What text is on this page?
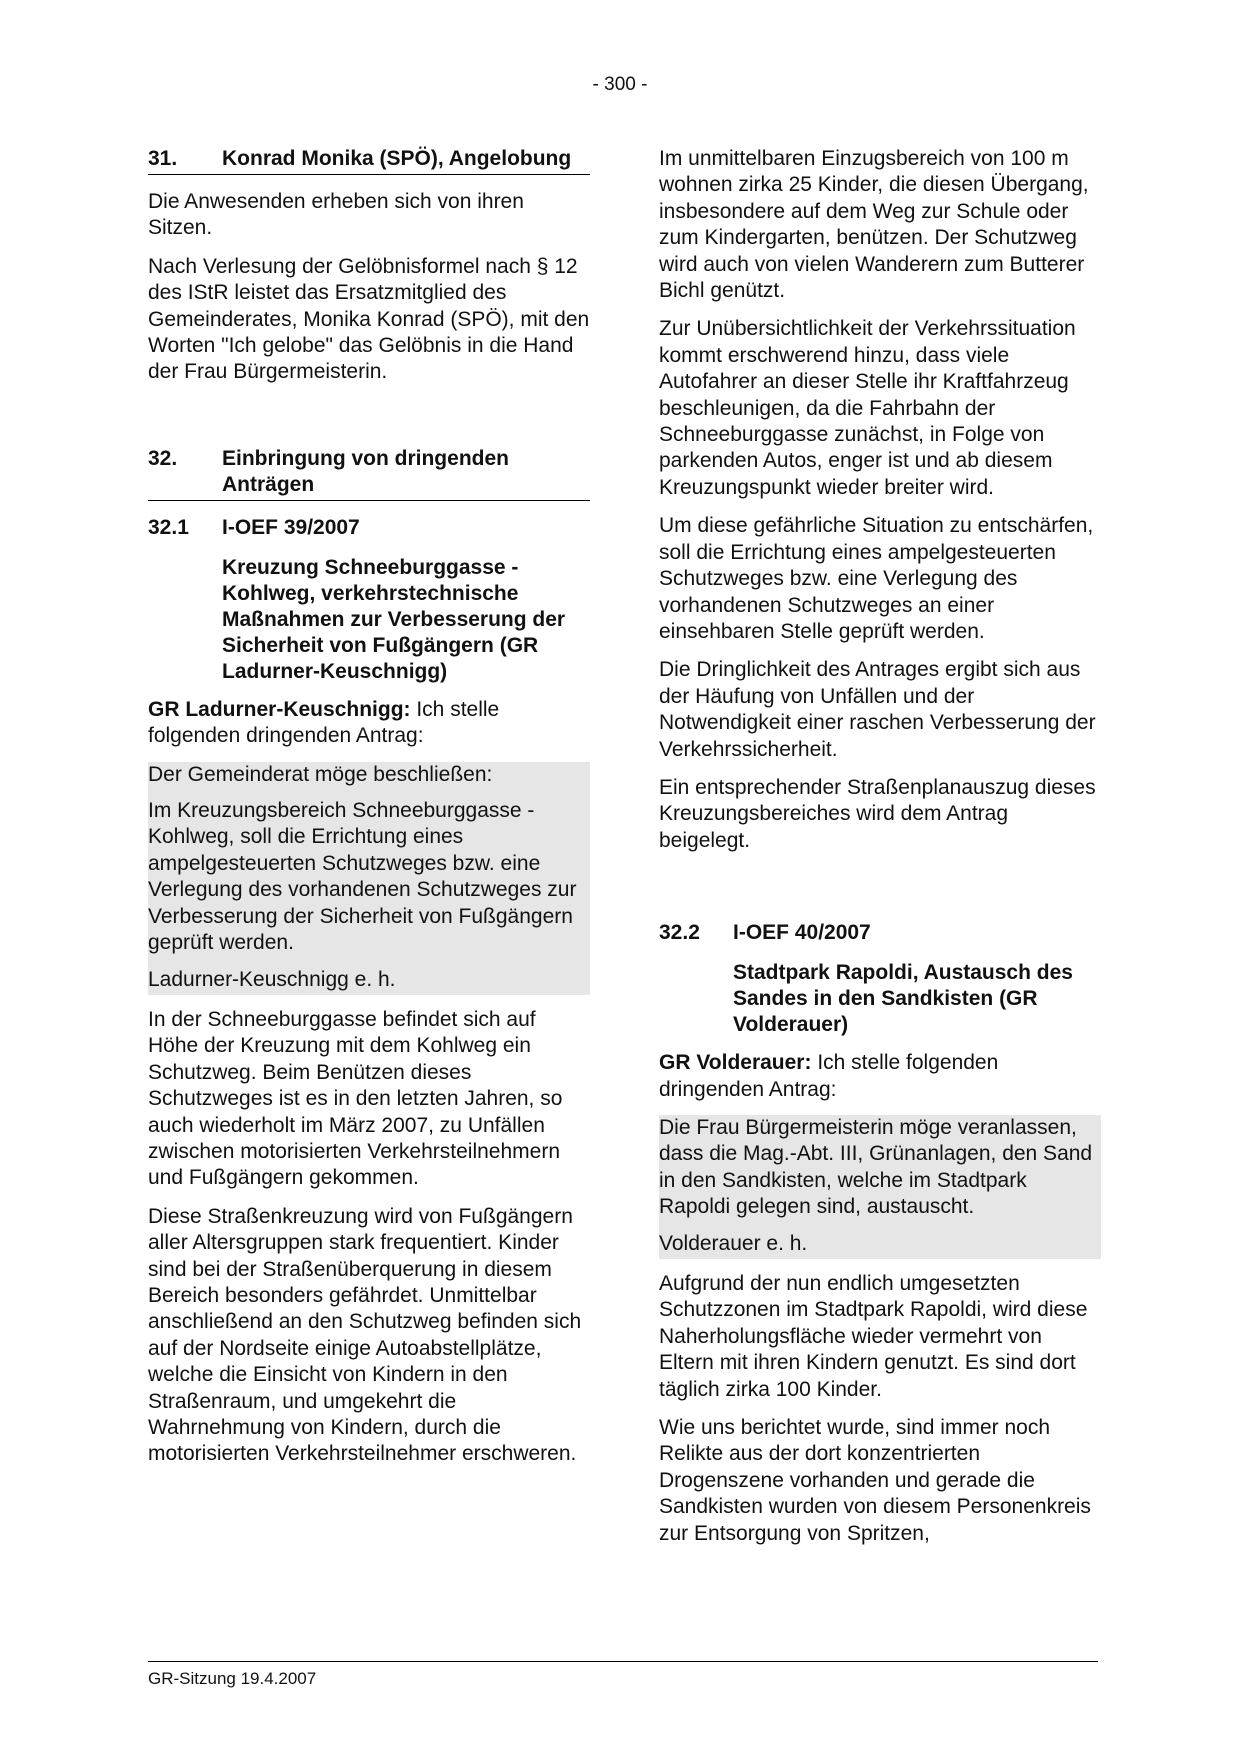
- 300 -
31.	Konrad Monika (SPÖ), Angelobung

Die Anwesenden erheben sich von ihren Sitzen.

Nach Verlesung der Gelöbnisformel nach § 12 des IStR leistet das Ersatzmitglied des Gemeinderates, Monika Konrad (SPÖ), mit den Worten "Ich gelobe" das Gelöbnis in die Hand der Frau Bürgermeisterin.

32.	Einbringung von dringenden Anträgen
32.1	I-OEF 39/2007
Kreuzung Schneeburggasse - Kohlweg, verkehrstechnische Maßnahmen zur Verbesserung der Sicherheit von Fußgängern (GR Ladurner-Keuschnigg)

GR Ladurner-Keuschnigg: Ich stelle folgenden dringenden Antrag:

Der Gemeinderat möge beschließen:

Im Kreuzungsbereich Schneeburggasse - Kohlweg, soll die Errichtung eines ampelgesteuerten Schutzweges bzw. eine Verlegung des vorhandenen Schutzweges zur Verbesserung der Sicherheit von Fußgängern geprüft werden.

Ladurner-Keuschnigg e. h.

In der Schneeburggasse befindet sich auf Höhe der Kreuzung mit dem Kohlweg ein Schutzweg. Beim Benützen dieses Schutzweges ist es in den letzten Jahren, so auch wiederholt im März 2007, zu Unfällen zwischen motorisierten Verkehrsteilnehmern und Fußgängern gekommen.

Diese Straßenkreuzung wird von Fußgängern aller Altersgruppen stark frequentiert. Kinder sind bei der Straßenüberquerung in diesem Bereich besonders gefährdet. Unmittelbar anschließend an den Schutzweg befinden sich auf der Nordseite einige Autoabstellplätze, welche die Einsicht von Kindern in den Straßenraum, und umgekehrt die Wahrnehmung von Kindern, durch die motorisierten Verkehrsteilnehmer erschweren.

Im unmittelbaren Einzugsbereich von 100 m wohnen zirka 25 Kinder, die diesen Übergang, insbesondere auf dem Weg zur Schule oder zum Kindergarten, benützen. Der Schutzweg wird auch von vielen Wanderern zum Butterer Bichl genützt.

Zur Unübersichtlichkeit der Verkehrssituation kommt erschwerend hinzu, dass viele Autofahrer an dieser Stelle ihr Kraftfahrzeug beschleunigen, da die Fahrbahn der Schneeburggasse zunächst, in Folge von parkenden Autos, enger ist und ab diesem Kreuzungspunkt wieder breiter wird.

Um diese gefährliche Situation zu entschärfen, soll die Errichtung eines ampelgesteuerten Schutzweges bzw. eine Verlegung des vorhandenen Schutzweges an einer einsehbaren Stelle geprüft werden.

Die Dringlichkeit des Antrages ergibt sich aus der Häufung von Unfällen und der Notwendigkeit einer raschen Verbesserung der Verkehrssicherheit.

Ein entsprechender Straßenplanauszug dieses Kreuzungsbereiches wird dem Antrag beigelegt.

32.2	I-OEF 40/2007
Stadtpark Rapoldi, Austausch des Sandes in den Sandkisten (GR Volderauer)

GR Volderauer: Ich stelle folgenden dringenden Antrag:

Die Frau Bürgermeisterin möge veranlassen, dass die Mag.-Abt. III, Grünanlagen, den Sand in den Sandkisten, welche im Stadtpark Rapoldi gelegen sind, austauscht.

Volderauer e. h.

Aufgrund der nun endlich umgesetzten Schutzzonen im Stadtpark Rapoldi, wird diese Naherholungsfläche wieder vermehrt von Eltern mit ihren Kindern genutzt. Es sind dort täglich zirka 100 Kinder.

Wie uns berichtet wurde, sind immer noch Relikte aus der dort konzentrierten Drogenszene vorhanden und gerade die Sandkisten wurden von diesem Personenkreis zur Entsorgung von Spritzen,

GR-Sitzung 19.4.2007
